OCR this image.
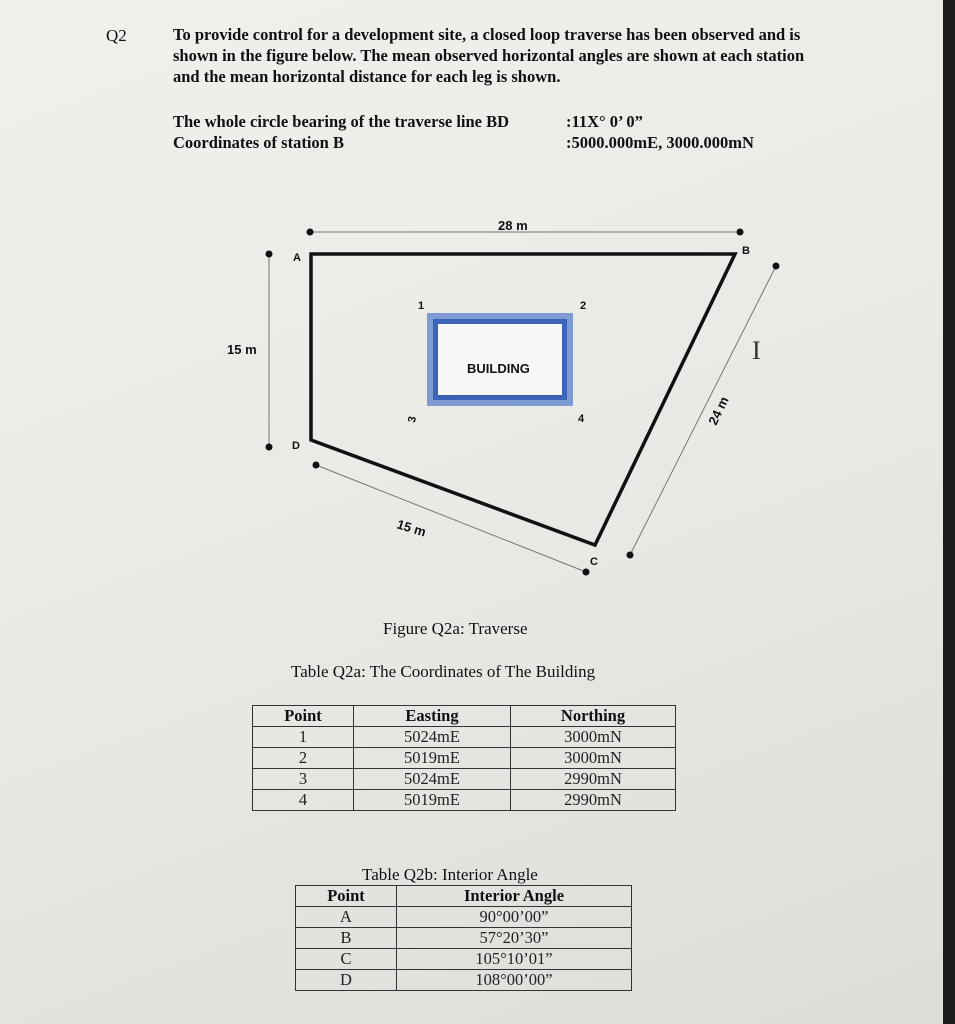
Q2	To provide control for a development site, a closed loop traverse has been observed and is shown in the figure below. The mean observed horizontal angles are shown at each station and the mean horizontal distance for each leg is shown.
The whole circle bearing of the traverse line BD	:11X° 0’ 0”
Coordinates of station B	:5000.000mE, 3000.000mN
28 m
15 m
15 m
24 m
A
B
C
D
BUILDING
1	2
3	4
I
Figure Q2a: Traverse
Table Q2a: The Coordinates of The Building
Point	Easting	Northing
1	5024mE	3000mN
2	5019mE	3000mN
3	5024mE	2990mN
4	5019mE	2990mN
Table Q2b: Interior Angle
Point	Interior Angle
A	90°00’00”
B	57°20’30”
C	105°10’01”
D	108°00’00”
